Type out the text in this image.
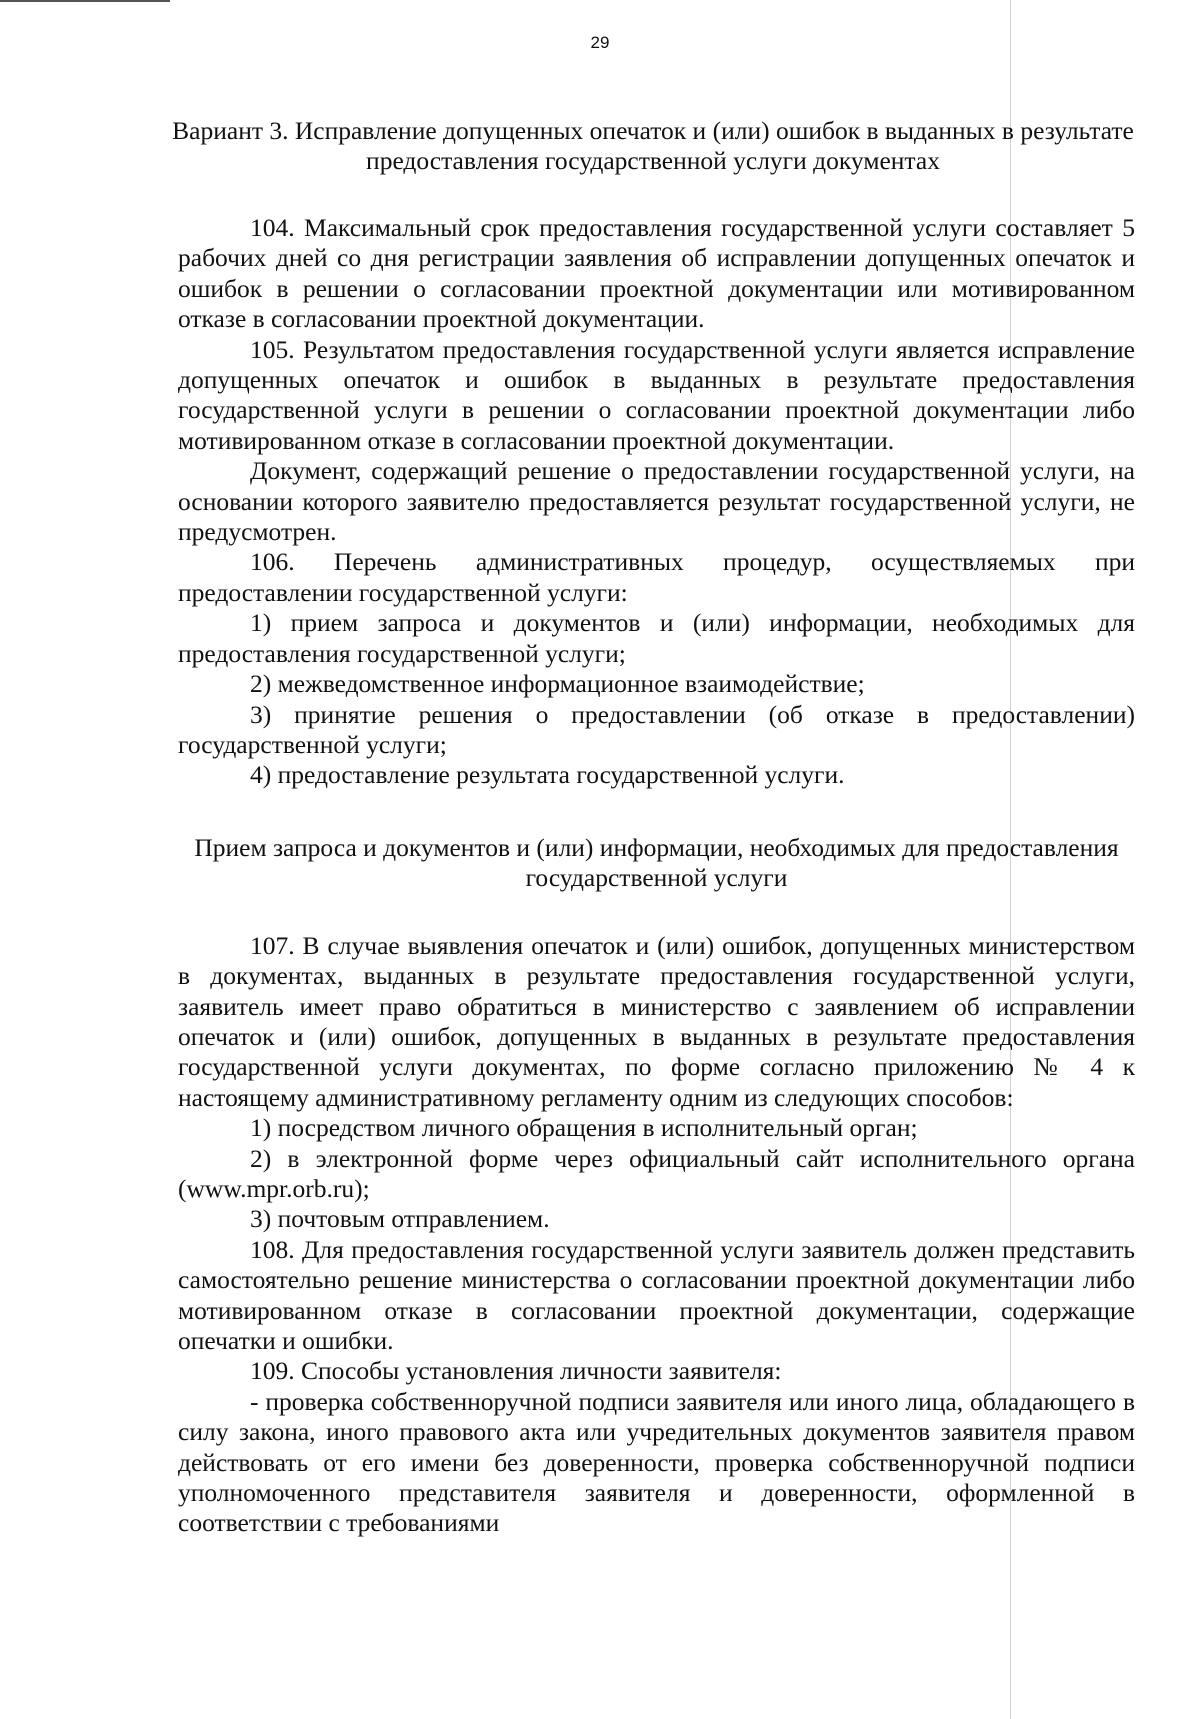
29

Вариант 3. Исправление допущенных опечаток и (или) ошибок в выданных в результате предоставления государственной услуги документах

104. Максимальный срок предоставления государственной услуги составляет 5 рабочих дней со дня регистрации заявления об исправлении допущенных опечаток и ошибок в решении о согласовании проектной документации или мотивированном отказе в согласовании проектной документации.

105. Результатом предоставления государственной услуги является исправление допущенных опечаток и ошибок в выданных в результате предоставления государственной услуги в решении о согласовании проектной документации либо мотивированном отказе в согласовании проектной документации.

Документ, содержащий решение о предоставлении государственной услуги, на основании которого заявителю предоставляется результат государственной услуги, не предусмотрен.

106. Перечень административных процедур, осуществляемых при предоставлении государственной услуги:

1) прием запроса и документов и (или) информации, необходимых для предоставления государственной услуги;

2) межведомственное информационное взаимодействие;

3) принятие решения о предоставлении (об отказе в предоставлении) государственной услуги;

4) предоставление результата государственной услуги.

Прием запроса и документов и (или) информации, необходимых для предоставления государственной услуги

107. В случае выявления опечаток и (или) ошибок, допущенных министерством в документах, выданных в результате предоставления государственной услуги, заявитель имеет право обратиться в министерство с заявлением об исправлении опечаток и (или) ошибок, допущенных в выданных в результате предоставления государственной услуги документах, по форме согласно приложению № 4 к настоящему административному регламенту одним из следующих способов:

1) посредством личного обращения в исполнительный орган;

2) в электронной форме через официальный сайт исполнительного органа (www.mpr.orb.ru);

3) почтовым отправлением.

108. Для предоставления государственной услуги заявитель должен представить самостоятельно решение министерства о согласовании проектной документации либо мотивированном отказе в согласовании проектной документации, содержащие опечатки и ошибки.

109. Способы установления личности заявителя:

- проверка собственноручной подписи заявителя или иного лица, обладающего в силу закона, иного правового акта или учредительных документов заявителя правом действовать от его имени без доверенности, проверка собственноручной подписи уполномоченного представителя заявителя и доверенности, оформленной в соответствии с требованиями
